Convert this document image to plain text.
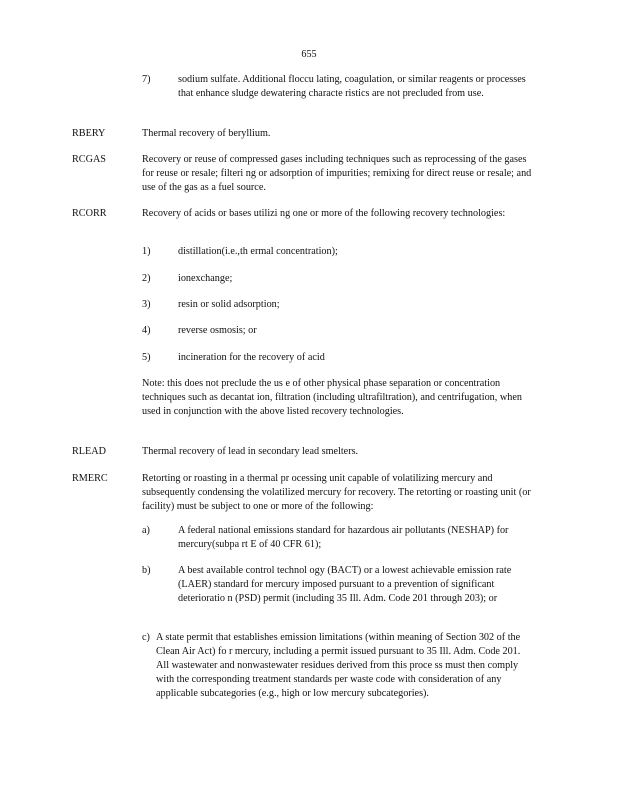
655
7)	sodium sulfate. Additional floccu lating, coagulation, or similar reagents or processes that enhance sludge dewatering characte ristics are not precluded from use.

RBERY	Thermal recovery of beryllium.

RCGAS	Recovery or reuse of compressed gases including techniques such as reprocessing of the gases for reuse or resale; filteri ng or adsorption of impurities; remixing for direct reuse or resale; and use of the gas as a fuel source.

RCORR	Recovery of acids or bases utilizi ng one or more of the following recovery technologies:

1)	distillation(i.e.,th ermal concentration);

2)	ionexchange;

3)	resin or solid adsorption;

4)	reverse osmosis; or

5)	incineration for the recovery of acid

Note: this does not preclude the us e of other physical phase separation or concentration techniques such as decantat ion, filtration (including ultrafiltration), and centrifugation, when used in conjunction with the above listed recovery technologies.

RLEAD	Thermal recovery of lead in secondary lead smelters.

RMERC	Retorting or roasting in a thermal pr ocessing unit capable of volatilizing mercury and subsequently condensing the volatilized mercury for recovery. The retorting or roasting unit (or facility) must be subject to one or more of the following:

a)	A federal national emissions standard for hazardous air pollutants (NESHAP) for mercury(subpa rt E of 40 CFR 61);

b)	A best available control technol ogy (BACT) or a lowest achievable emission rate (LAER) standard for mercury imposed pursuant to a prevention of significant deterioratio n (PSD) permit (including 35 Ill. Adm. Code 201 through 203); or

c) A state permit that establishes emission limitations (within meaning of Section 302 of the Clean Air Act) fo r mercury, including a permit issued pursuant to 35 Ill. Adm. Code 201. All wastewater and nonwastewater residues derived from this proce ss must then comply with the corresponding treatment standards per waste code with consideration of any applicable subcategories (e.g., high or low mercury subcategories).
